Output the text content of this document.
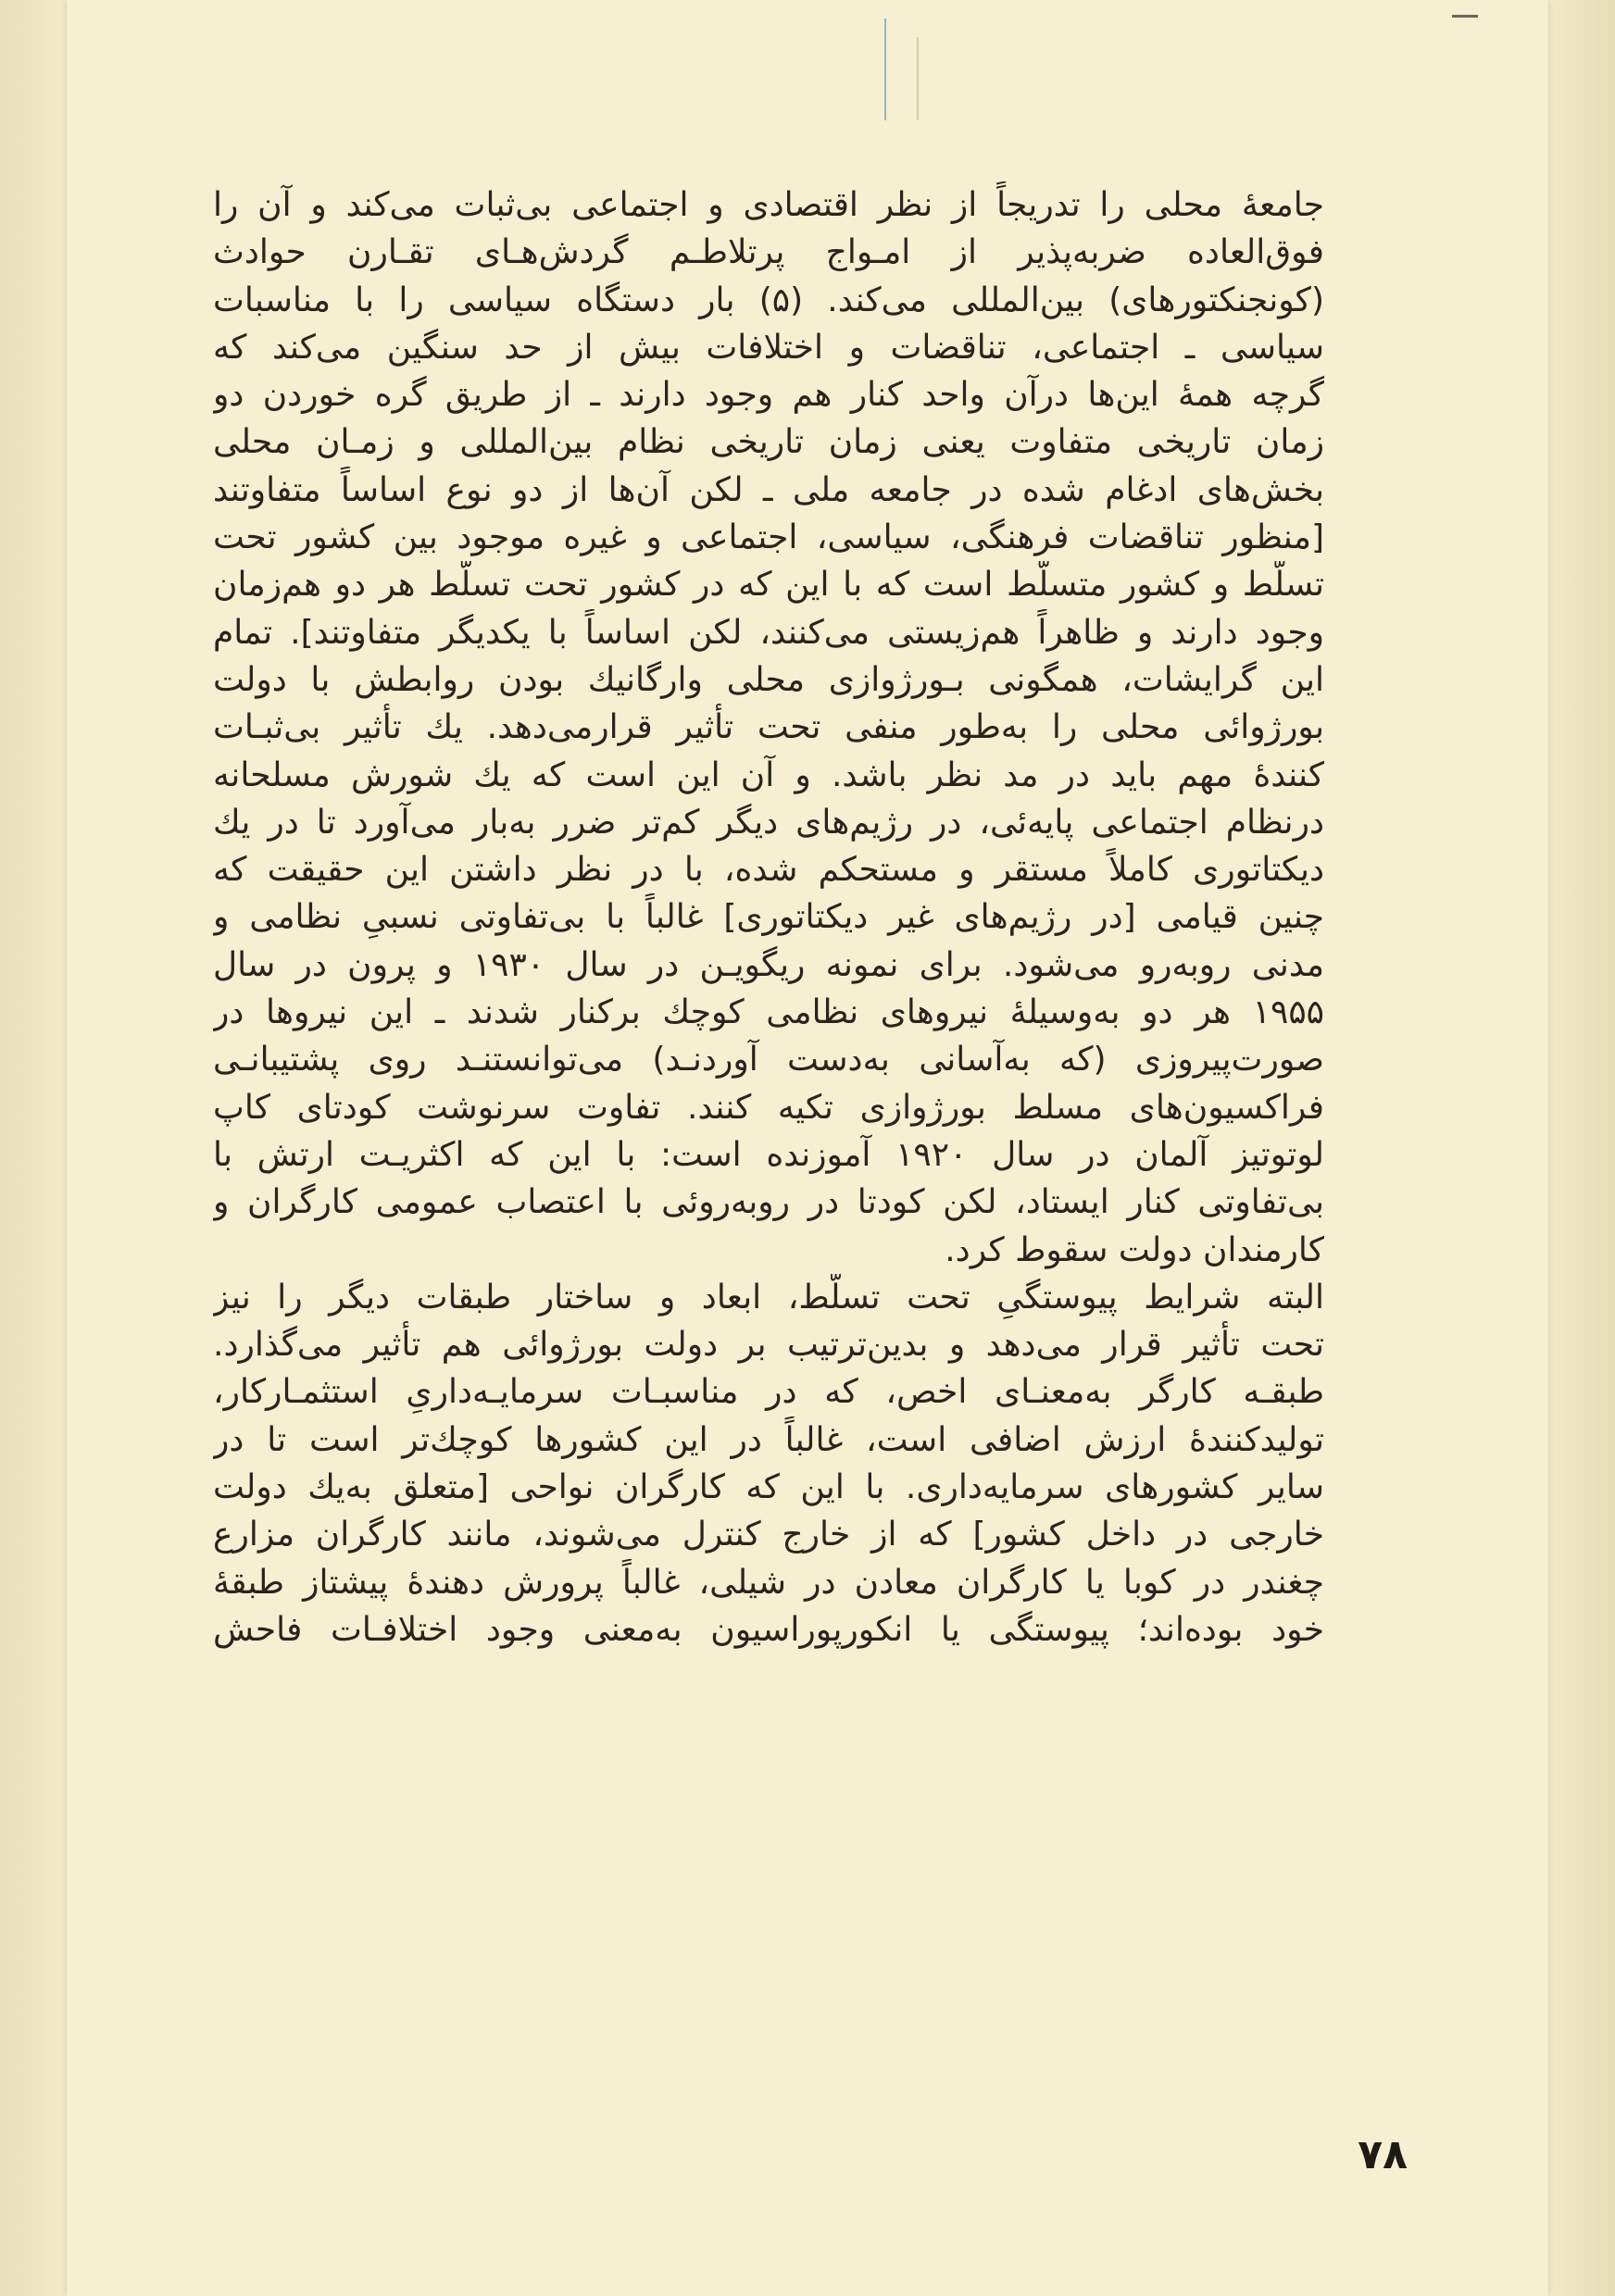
جامعهٔ محلی را تدریجاً از نظر اقتصادی و اجتماعی بی‌ثبات می‌کند و آن را
فوق‌العاده ضربه‌پذیر از امـواج پرتلاطـم گردش‌هـای تقـارن حوادث
(کونجنکتورهای) بین‌المللی می‌کند. (۵) بار دستگاه سیاسی را با مناسبات
سیاسی ـ اجتماعی، تناقضات و اختلافات بیش از حد سنگین می‌کند که
گرچه همهٔ این‌ها درآن واحد کنار هم وجود دارند ـ از طریق گره خوردن دو
زمان تاریخی متفاوت یعنی زمان تاریخی نظام بین‌المللی و زمـان محلی
بخش‌های ادغام شده در جامعه ملی ـ لکن آن‌ها از دو نوع اساساً متفاوتند
[منظور تناقضات فرهنگی، سیاسی، اجتماعی و غیره موجود بین کشور تحت
تسلّط و کشور متسلّط است که با این که در کشور تحت تسلّط هر دو هم‌زمان
وجود دارند و ظاهراً هم‌زیستی می‌کنند، لکن اساساً با یکدیگر متفاوتند]. تمام
این گرایشات، همگونی بـورژوازی محلی وارگانیك بودن روابطش با دولت
بورژوائی محلی را به‌طور منفی تحت تأثیر قرارمی‌دهد. یك تأثیر بی‌ثبـات
کنندهٔ مهم باید در مد نظر باشد. و آن این است که یك شورش مسلحانه
درنظام اجتماعی پایه‌ئی، در رژیم‌های دیگر کم‌تر ضرر به‌بار می‌آورد تا در یك
دیکتاتوری کاملاً مستقر و مستحکم شده، با در نظر داشتن این حقیقت که
چنین قیامی [در رژیم‌های غیر دیکتاتوری] غالباً با بی‌تفاوتی نسبیِ نظامی و
مدنی روبه‌رو می‌شود. برای نمونه ریگویـن در سال ۱۹۳۰ و پرون در سال
۱۹۵۵ هر دو به‌وسیلهٔ نیروهای نظامی کوچك برکنار شدند ـ این نیروها در
صورت‌پیروزی (که به‌آسانی به‌دست آوردنـد) می‌توانستنـد روی پشتیبانـی
فراکسیون‌های مسلط بورژوازی تکیه کنند. تفاوت سرنوشت کودتای کاپ
لوتوتیز آلمان در سال ۱۹۲۰ آموزنده است: با این که اکثریـت ارتش با
بی‌تفاوتی کنار ایستاد، لکن کودتا در روبه‌روئی با اعتصاب عمومی کارگران و
کارمندان دولت سقوط کرد.
البته شرایط پیوستگیِ تحت تسلّط، ابعاد و ساختار طبقات دیگر را نیز
تحت تأثیر قرار می‌دهد و بدین‌ترتیب بر دولت بورژوائی هم تأثیر می‌گذارد.
طبقـه کارگر به‌معنـای اخص، که در مناسبـات سرمایـه‌داریِ استثمـارکار،
تولیدکنندهٔ ارزش اضافی است، غالباً در این کشورها کوچك‌تر است تا در
سایر کشورهای سرمایه‌داری. با این که کارگران نواحی [متعلق به‌یك دولت
خارجی در داخل کشور] که از خارج کنترل می‌شوند، مانند کارگران مزارع
چغندر در کوبا یا کارگران معادن در شیلی، غالباً پرورش دهندهٔ پیشتاز طبقهٔ
خود بوده‌اند؛ پیوستگی یا انکورپوراسیون به‌معنی وجود اختلافـات فاحش
۷۸
